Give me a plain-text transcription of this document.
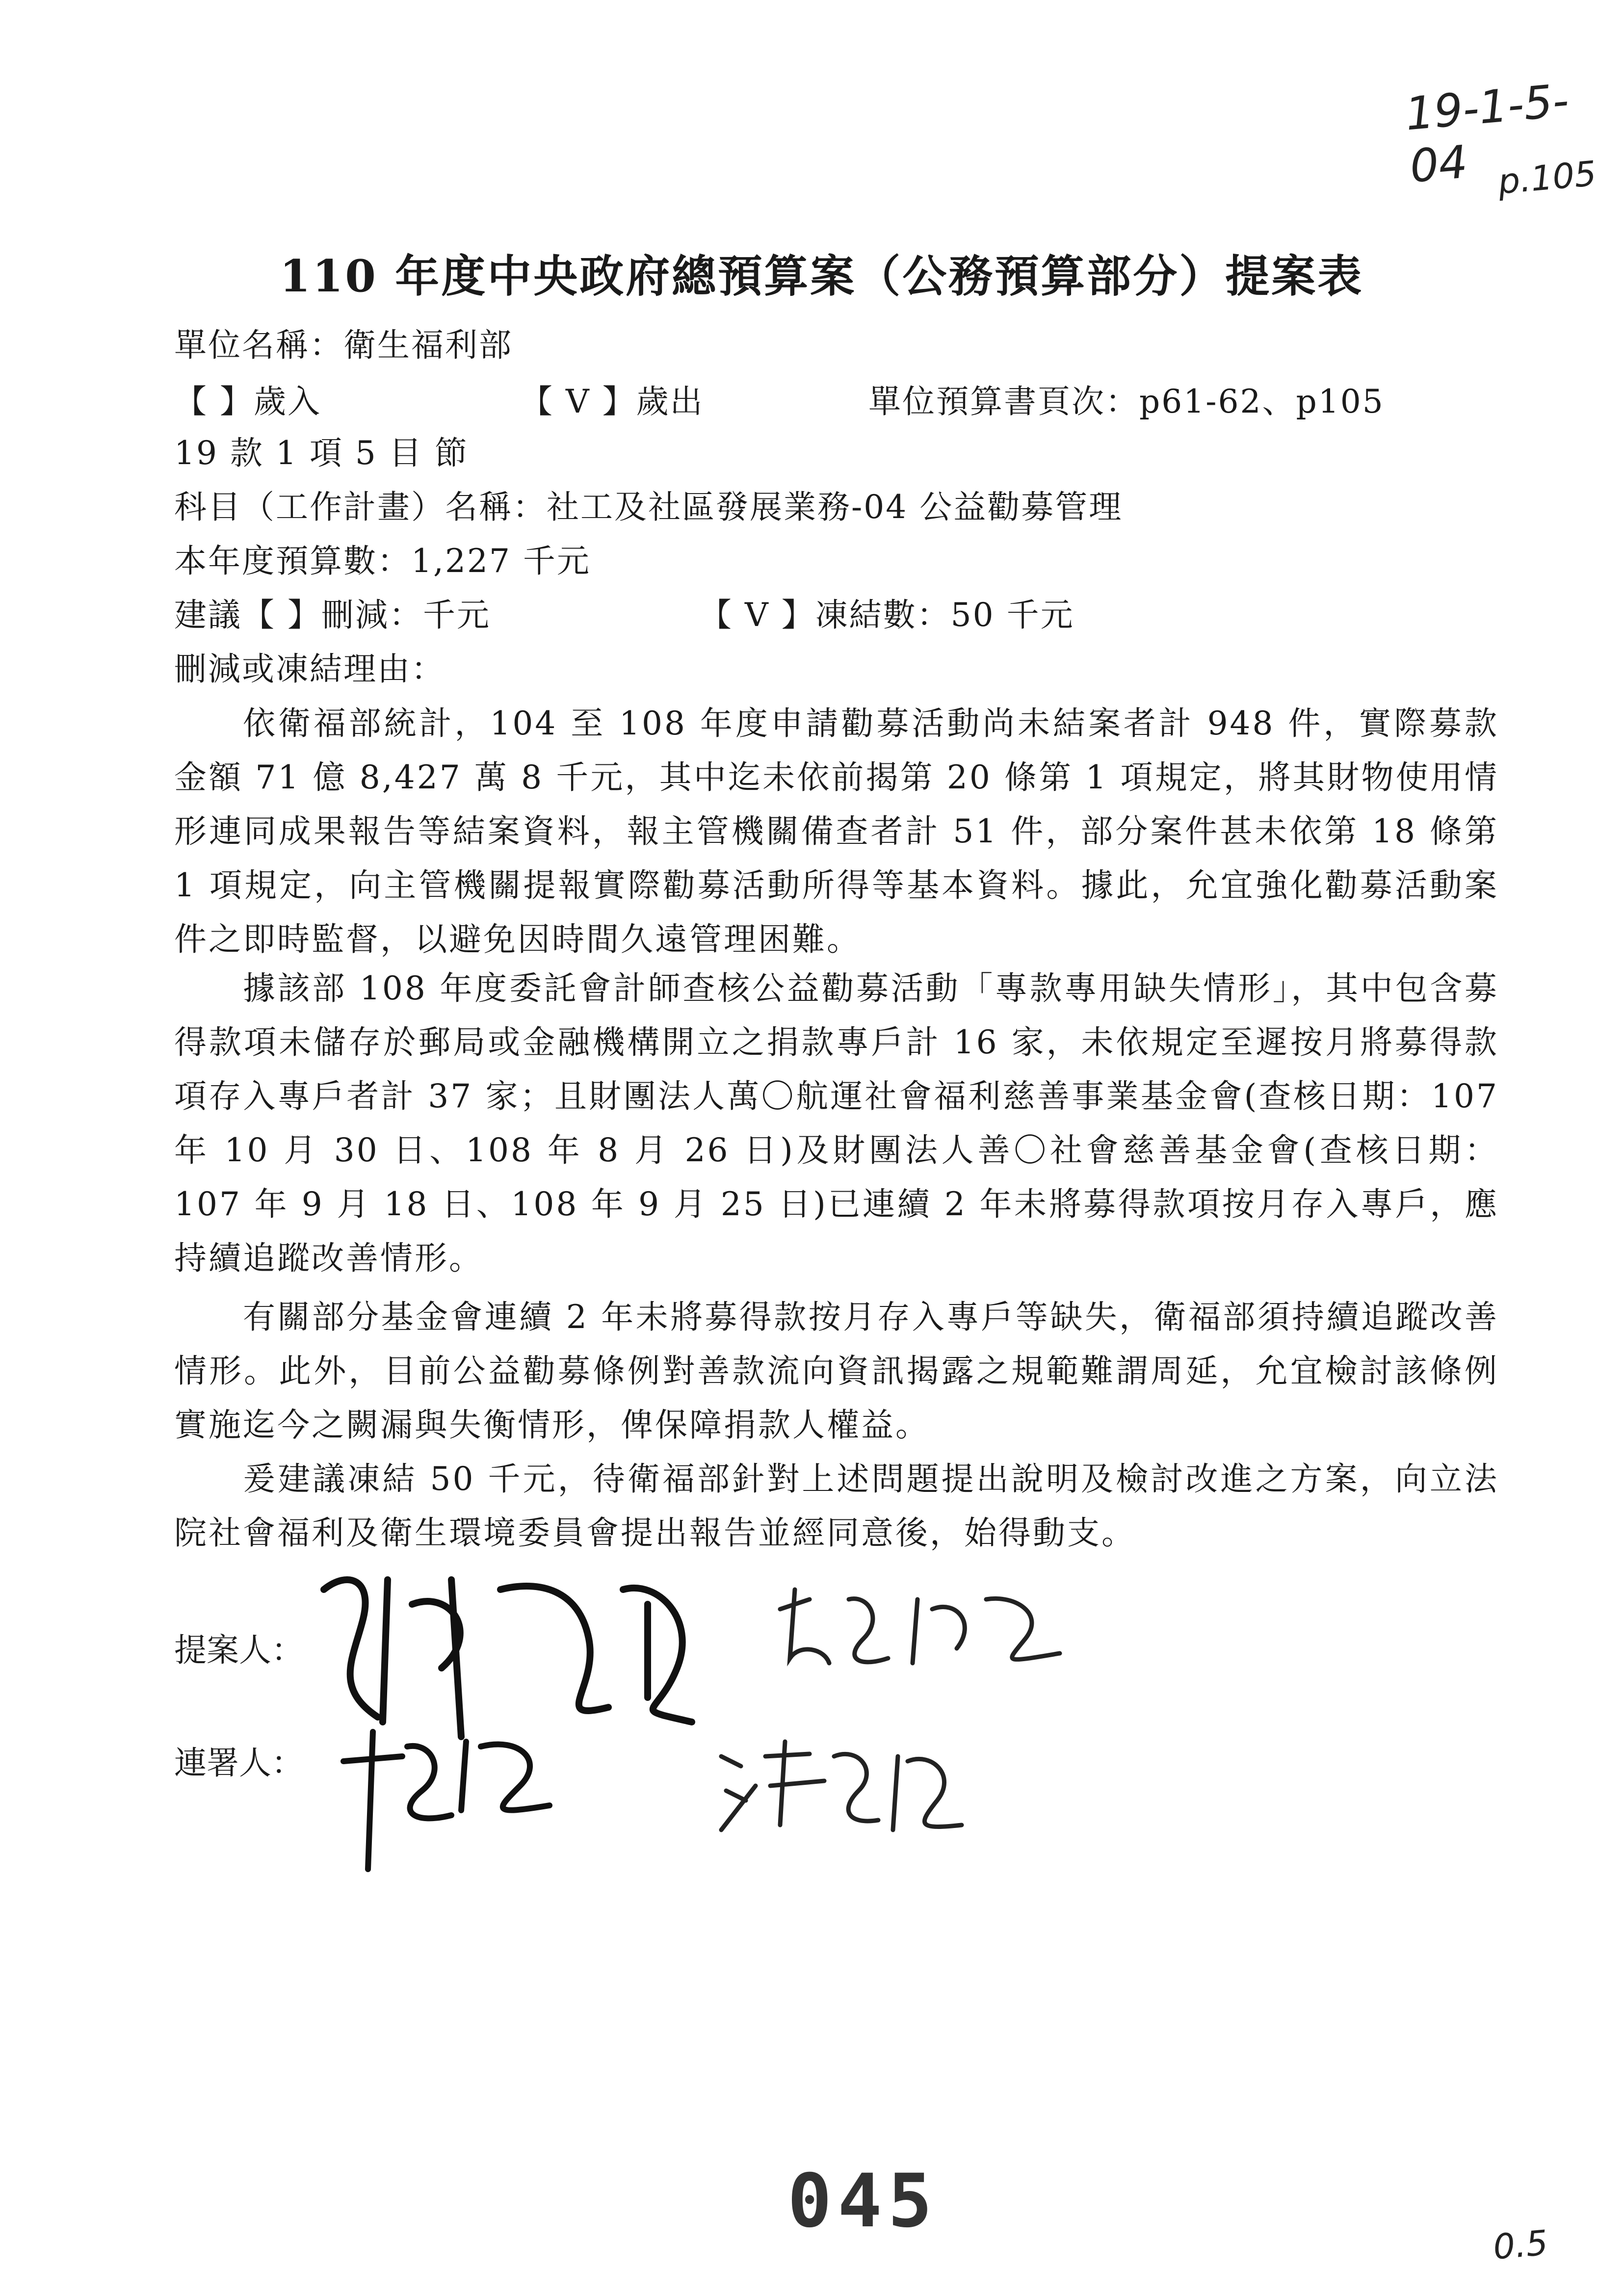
19-1-5-04 p.105
110 年度中央政府總預算案（公務預算部分）提案表
單位名稱：衛生福利部
【 】歲入	【 V 】歲出	單位預算書頁次：p61-62、p105
19 款 1 項 5 目 節
科目（工作計畫）名稱：社工及社區發展業務-04 公益勸募管理
本年度預算數：1,227 千元
建議【 】刪減：千元	【 V 】凍結數：50 千元
刪減或凍結理由：
依衛福部統計，104 至 108 年度申請勸募活動尚未結案者計 948 件，實際募款金額 71 億 8,427 萬 8 千元，其中迄未依前揭第 20 條第 1 項規定，將其財物使用情形連同成果報告等結案資料，報主管機關備查者計 51 件，部分案件甚未依第 18 條第 1 項規定，向主管機關提報實際勸募活動所得等基本資料。據此，允宜強化勸募活動案件之即時監督，以避免因時間久遠管理困難。
據該部 108 年度委託會計師查核公益勸募活動「專款專用缺失情形」，其中包含募得款項未儲存於郵局或金融機構開立之捐款專戶計 16 家，未依規定至遲按月將募得款項存入專戶者計 37 家；且財團法人萬〇航運社會福利慈善事業基金會(查核日期：107 年 10 月 30 日、108 年 8 月 26 日)及財團法人善〇社會慈善基金會(查核日期：107 年 9 月 18 日、108 年 9 月 25 日)已連續 2 年未將募得款項按月存入專戶，應持續追蹤改善情形。
有關部分基金會連續 2 年未將募得款按月存入專戶等缺失，衛福部須持續追蹤改善情形。此外，目前公益勸募條例對善款流向資訊揭露之規範難謂周延，允宜檢討該條例實施迄今之闕漏與失衡情形，俾保障捐款人權益。
爰建議凍結 50 千元，待衛福部針對上述問題提出說明及檢討改進之方案，向立法院社會福利及衛生環境委員會提出報告並經同意後，始得動支。
提案人：
連署人：
045
0.5
